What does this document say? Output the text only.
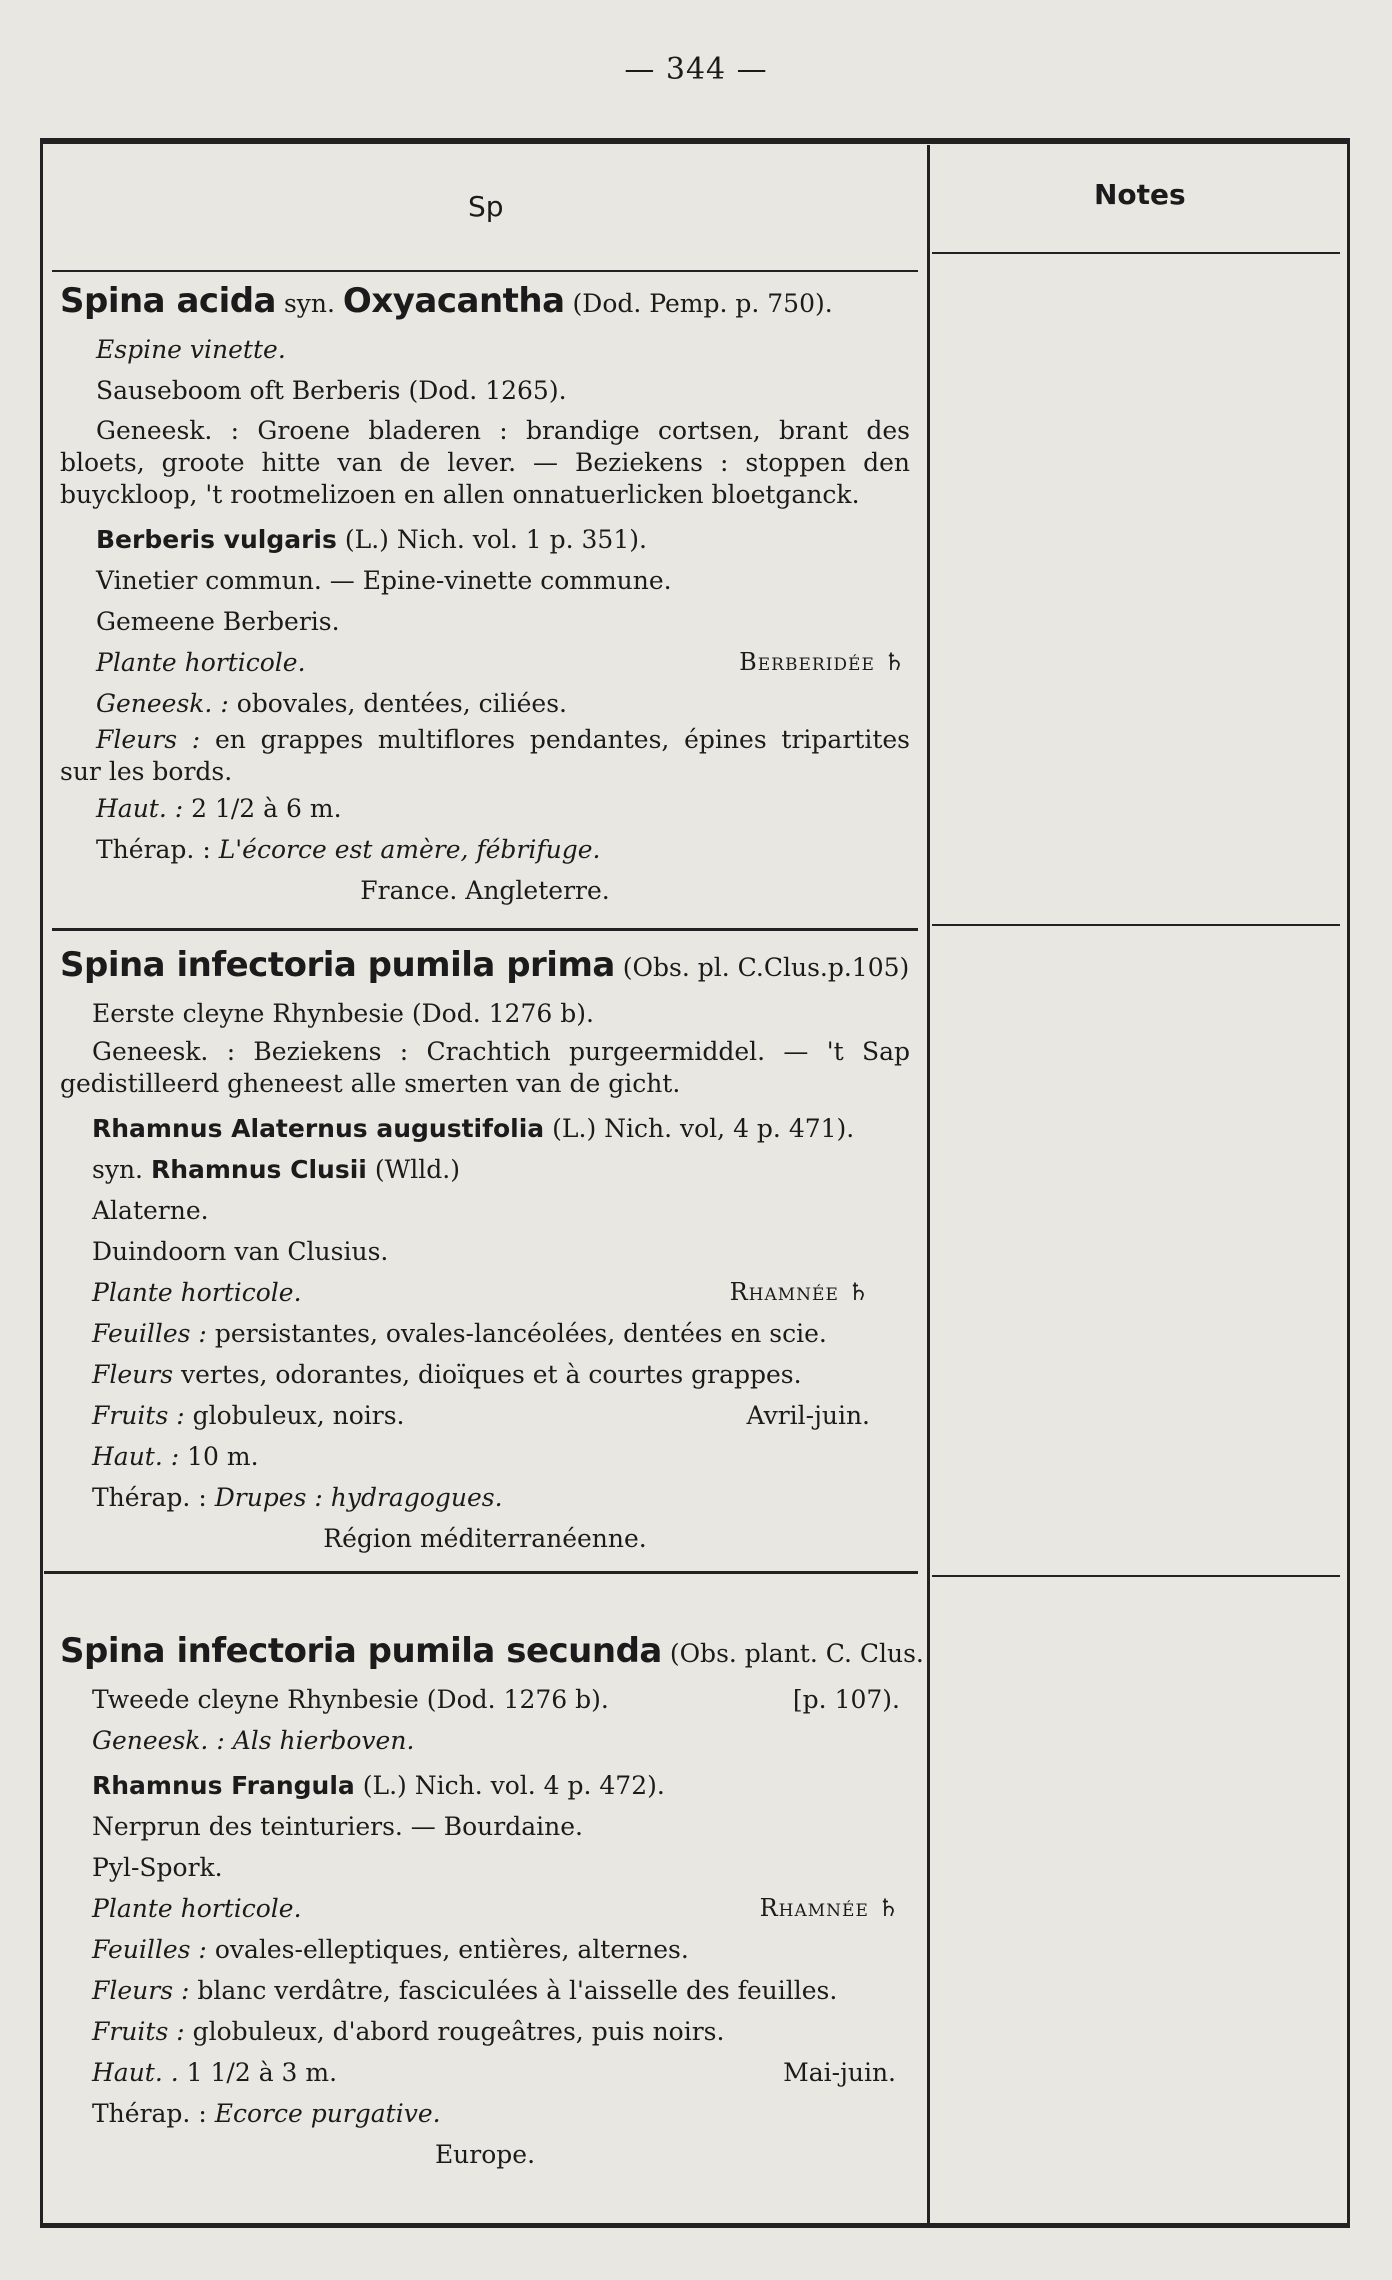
— 344 —
Sp	Notes
Spina acida syn. Oxyacantha (Dod. Pemp. p. 750).
Espine vinette.
Sauseboom oft Berberis (Dod. 1265).
Geneesk. : Groene bladeren : brandige cortsen, brant des bloets, groote hitte van de lever. — Beziekens : stoppen den buyckloop, 't rootmelizoen en allen onnatuerlicken bloetganck.
Berberis vulgaris (L.) Nich. vol. 1 p. 351).
Vinetier commun. — Epine-vinette commune.
Gemeene Berberis.
Plante horticole.	Berberidée ♄
Geneesk. : obovales, dentées, ciliées.
Fleurs : en grappes multiflores pendantes, épines tripartites sur les bords.
Haut. : 2 1/2 à 6 m.
Thérap. : L'écorce est amère, fébrifuge.
France. Angleterre.
Spina infectoria pumila prima (Obs. pl. C.Clus.p.105)
Eerste cleyne Rhynbesie (Dod. 1276 b).
Geneesk. : Beziekens : Crachtich purgeermiddel. — 't Sap gedistilleerd gheneest alle smerten van de gicht.
Rhamnus Alaternus augustifolia (L.) Nich. vol, 4 p. 471).
syn. Rhamnus Clusii (Wlld.)
Alaterne.
Duindoorn van Clusius.
Plante horticole.	Rhamnée ♄
Feuilles : persistantes, ovales-lancéolées, dentées en scie.
Fleurs vertes, odorantes, dioïques et à courtes grappes.
Fruits : globuleux, noirs.	Avril-juin.
Haut. : 10 m.
Thérap. : Drupes : hydragogues.
Région méditerranéenne.
Spina infectoria pumila secunda (Obs. plant. C. Clus.
Tweede cleyne Rhynbesie (Dod. 1276 b).	[p. 107).
Geneesk. : Als hierboven.
Rhamnus Frangula (L.) Nich. vol. 4 p. 472).
Nerprun des teinturiers. — Bourdaine.
Pyl-Spork.
Plante horticole.	Rhamnée ♄
Feuilles : ovales-elleptiques, entières, alternes.
Fleurs : blanc verdâtre, fasciculées à l'aisselle des feuilles.
Fruits : globuleux, d'abord rougeâtres, puis noirs.
Haut. . 1 1/2 à 3 m.	Mai-juin.
Thérap. : Ecorce purgative.
Europe.
